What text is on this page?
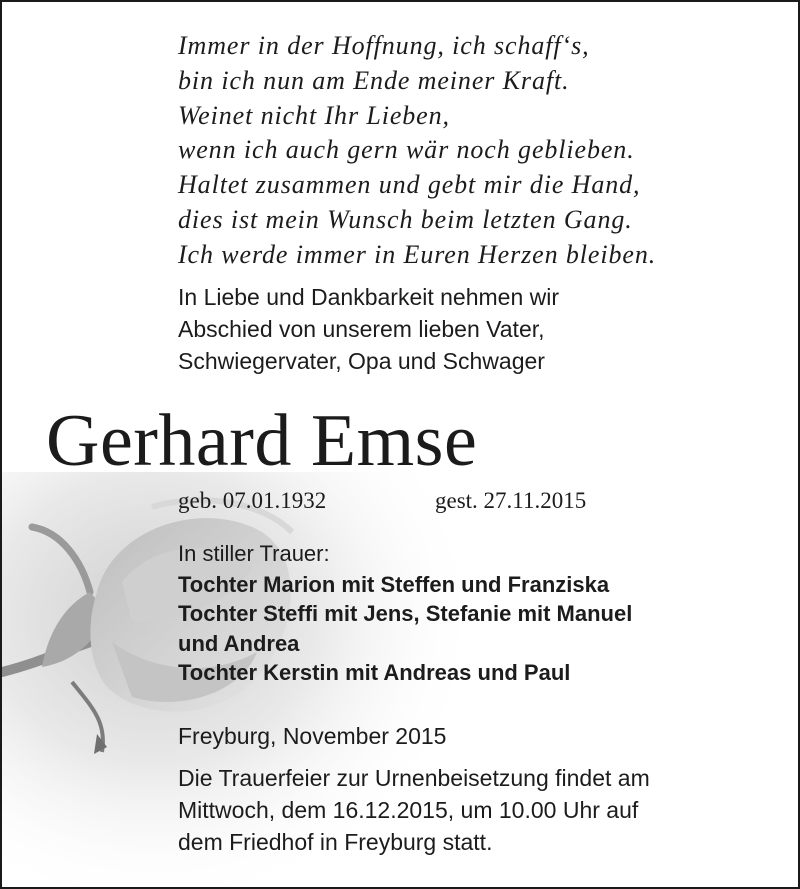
Immer in der Hoffnung, ich schaff‘s,
bin ich nun am Ende meiner Kraft.
Weinet nicht Ihr Lieben,
wenn ich auch gern wär noch geblieben.
Haltet zusammen und gebt mir die Hand,
dies ist mein Wunsch beim letzten Gang.
Ich werde immer in Euren Herzen bleiben.
In Liebe und Dankbarkeit nehmen wir
Abschied von unserem lieben Vater,
Schwiegervater, Opa und Schwager
Gerhard Emse
geb. 07.01.1932	gest. 27.11.2015
In stiller Trauer:
Tochter Marion mit Steffen und Franziska
Tochter Steffi mit Jens, Stefanie mit Manuel
und Andrea
Tochter Kerstin mit Andreas und Paul
Freyburg, November 2015
Die Trauerfeier zur Urnenbeisetzung findet am
Mittwoch, dem 16.12.2015, um 10.00 Uhr auf
dem Friedhof in Freyburg statt.
